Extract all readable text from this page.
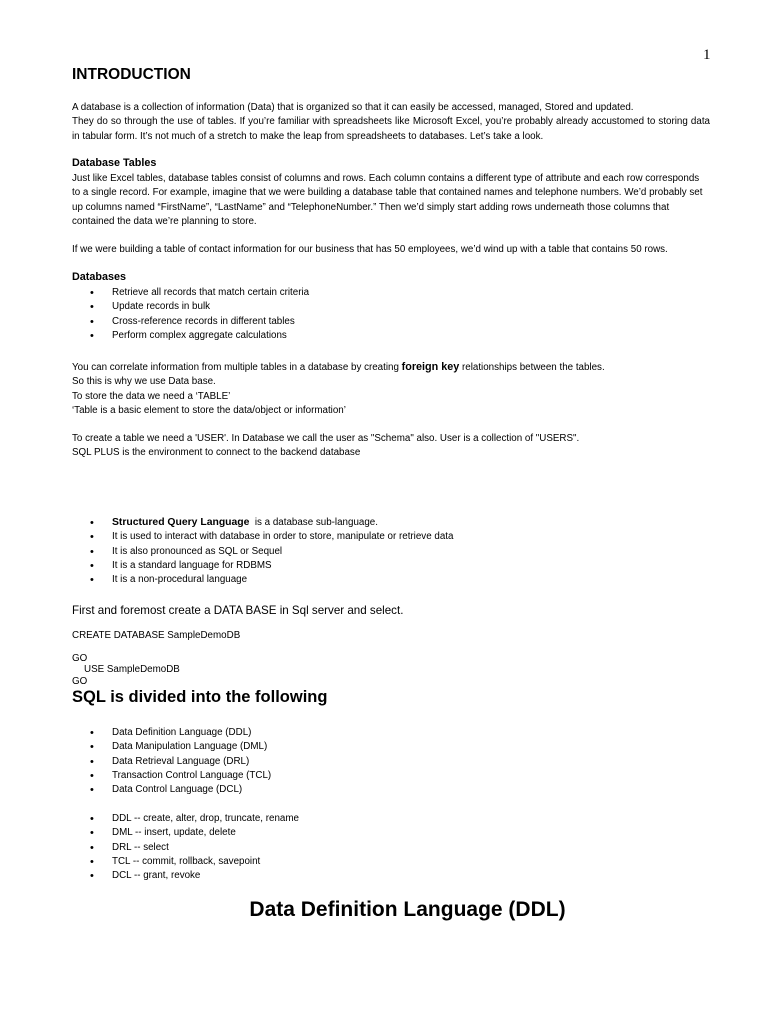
1
INTRODUCTION
A database is a collection of information (Data) that is organized so that it can easily be accessed, managed, Stored and updated.
They do so through the use of tables. If you’re familiar with spreadsheets like Microsoft Excel, you’re probably already accustomed to storing data in tabular form. It’s not much of a stretch to make the leap from spreadsheets to databases. Let’s take a look.
Database Tables
Just like Excel tables, database tables consist of columns and rows. Each column contains a different type of attribute and each row corresponds to a single record. For example, imagine that we were building a database table that contained names and telephone numbers. We’d probably set up columns named “FirstName”, “LastName” and “TelephoneNumber.” Then we’d simply start adding rows underneath those columns that contained the data we’re planning to store.
If we were building a table of contact information for our business that has 50 employees, we’d wind up with a table that contains 50 rows.
Databases
• Retrieve all records that match certain criteria
• Update records in bulk
• Cross-reference records in different tables
• Perform complex aggregate calculations
You can correlate information from multiple tables in a database by creating foreign key relationships between the tables.
So this is why we use Data base.
To store the data we need a ‘TABLE’
‘Table is a basic element to store the data/object or information’
To create a table we need a 'USER'. In Database we call the user as "Schema" also. User is a collection of "USERS".
SQL PLUS is the environment to connect to the backend database
• Structured Query Language  is a database sub-language.
• It is used to interact with database in order to store, manipulate or retrieve data
• It is also pronounced as SQL or Sequel
• It is a standard language for RDBMS
• It is a non-procedural language
First and foremost create a DATA BASE in Sql server and select.
CREATE DATABASE SampleDemoDB
GO
USE SampleDemoDB
GO
SQL is divided into the following
• Data Definition Language (DDL)
• Data Manipulation Language (DML)
• Data Retrieval Language (DRL)
• Transaction Control Language (TCL)
• Data Control Language (DCL)
• DDL -- create, alter, drop, truncate, rename
• DML -- insert, update, delete
• DRL -- select
• TCL -- commit, rollback, savepoint
• DCL -- grant, revoke
Data Definition Language (DDL)
